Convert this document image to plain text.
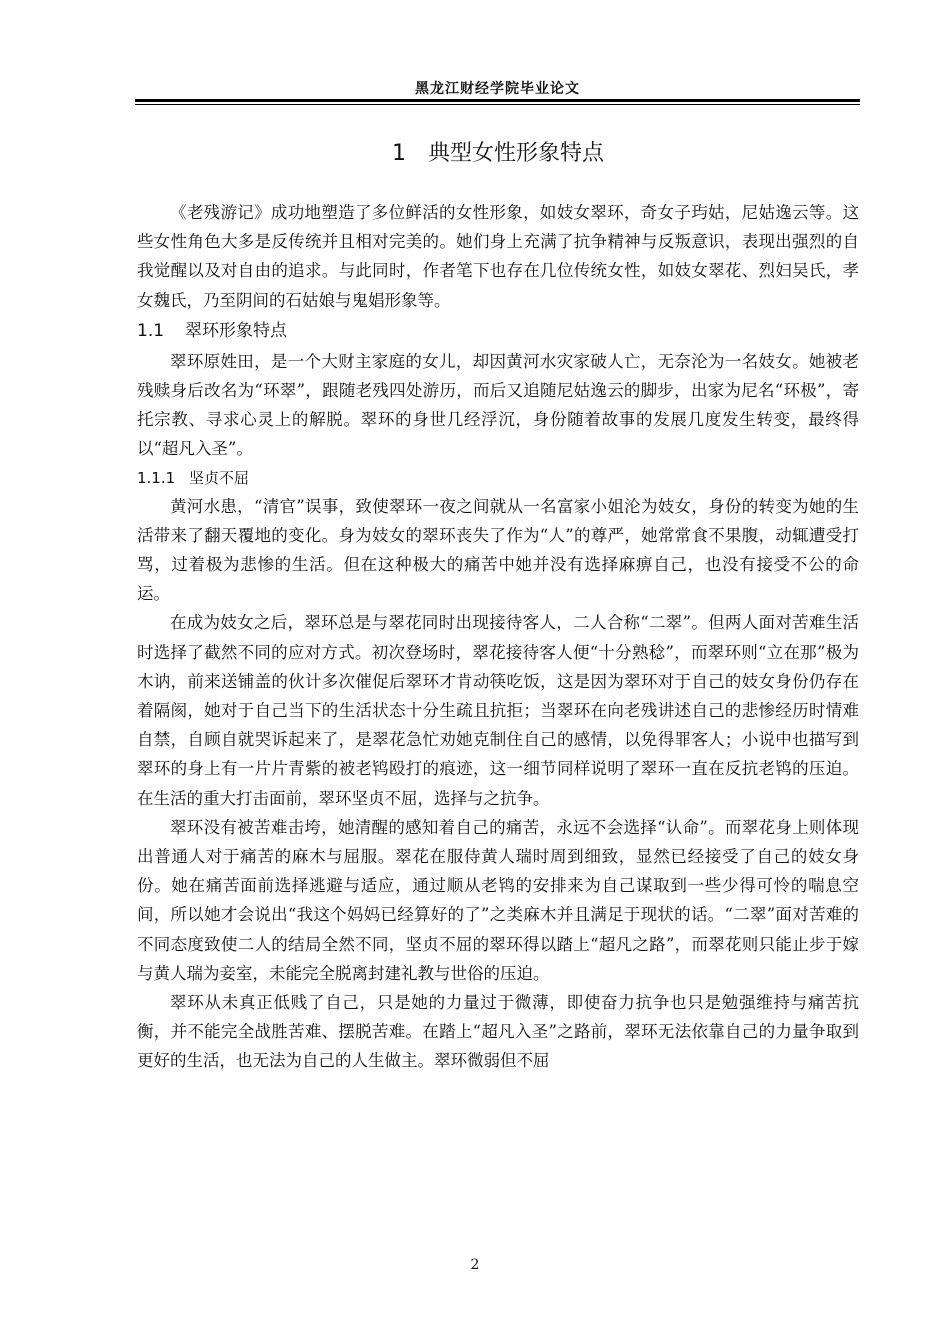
黑龙江财经学院毕业论文
1 典型女性形象特点

《老残游记》成功地塑造了多位鲜活的女性形象，如妓女翠环，奇女子玙姑，尼姑逸云等。这些女性角色大多是反传统并且相对完美的。她们身上充满了抗争精神与反叛意识，表现出强烈的自我觉醒以及对自由的追求。与此同时，作者笔下也存在几位传统女性，如妓女翠花、烈妇吴氏，孝女魏氏，乃至阴间的石姑娘与鬼娼形象等。

1.1 翠环形象特点

翠环原姓田，是一个大财主家庭的女儿，却因黄河水灾家破人亡，无奈沦为一名妓女。她被老残赎身后改名为“环翠”，跟随老残四处游历，而后又追随尼姑逸云的脚步，出家为尼名“环极”，寄托宗教、寻求心灵上的解脱。翠环的身世几经浮沉，身份随着故事的发展几度发生转变，最终得以“超凡入圣”。

1.1.1 坚贞不屈

黄河水患，“清官”误事，致使翠环一夜之间就从一名富家小姐沦为妓女，身份的转变为她的生活带来了翻天覆地的变化。身为妓女的翠环丧失了作为“人”的尊严，她常常食不果腹，动辄遭受打骂，过着极为悲惨的生活。但在这种极大的痛苦中她并没有选择麻痹自己，也没有接受不公的命运。

在成为妓女之后，翠环总是与翠花同时出现接待客人，二人合称“二翠”。但两人面对苦难生活时选择了截然不同的应对方式。初次登场时，翠花接待客人便“十分熟稔”，而翠环则“立在那”极为木讷，前来送铺盖的伙计多次催促后翠环才肯动筷吃饭，这是因为翠环对于自己的妓女身份仍存在着隔阂，她对于自己当下的生活状态十分生疏且抗拒；当翠环在向老残讲述自己的悲惨经历时情难自禁，自顾自就哭诉起来了，是翠花急忙劝她克制住自己的感情，以免得罪客人；小说中也描写到翠环的身上有一片片青紫的被老鸨殴打的痕迹，这一细节同样说明了翠环一直在反抗老鸨的压迫。在生活的重大打击面前，翠环坚贞不屈，选择与之抗争。

翠环没有被苦难击垮，她清醒的感知着自己的痛苦，永远不会选择“认命”。而翠花身上则体现出普通人对于痛苦的麻木与屈服。翠花在服侍黄人瑞时周到细致，显然已经接受了自己的妓女身份。她在痛苦面前选择逃避与适应，通过顺从老鸨的安排来为自己谋取到一些少得可怜的喘息空间，所以她才会说出“我这个妈妈已经算好的了”之类麻木并且满足于现状的话。“二翠”面对苦难的不同态度致使二人的结局全然不同，坚贞不屈的翠环得以踏上“超凡之路”，而翠花则只能止步于嫁与黄人瑞为妾室，未能完全脱离封建礼教与世俗的压迫。

翠环从未真正低贱了自己，只是她的力量过于微薄，即使奋力抗争也只是勉强维持与痛苦抗衡，并不能完全战胜苦难、摆脱苦难。在踏上“超凡入圣”之路前，翠环无法依靠自己的力量争取到更好的生活，也无法为自己的人生做主。翠环微弱但不屈

2
